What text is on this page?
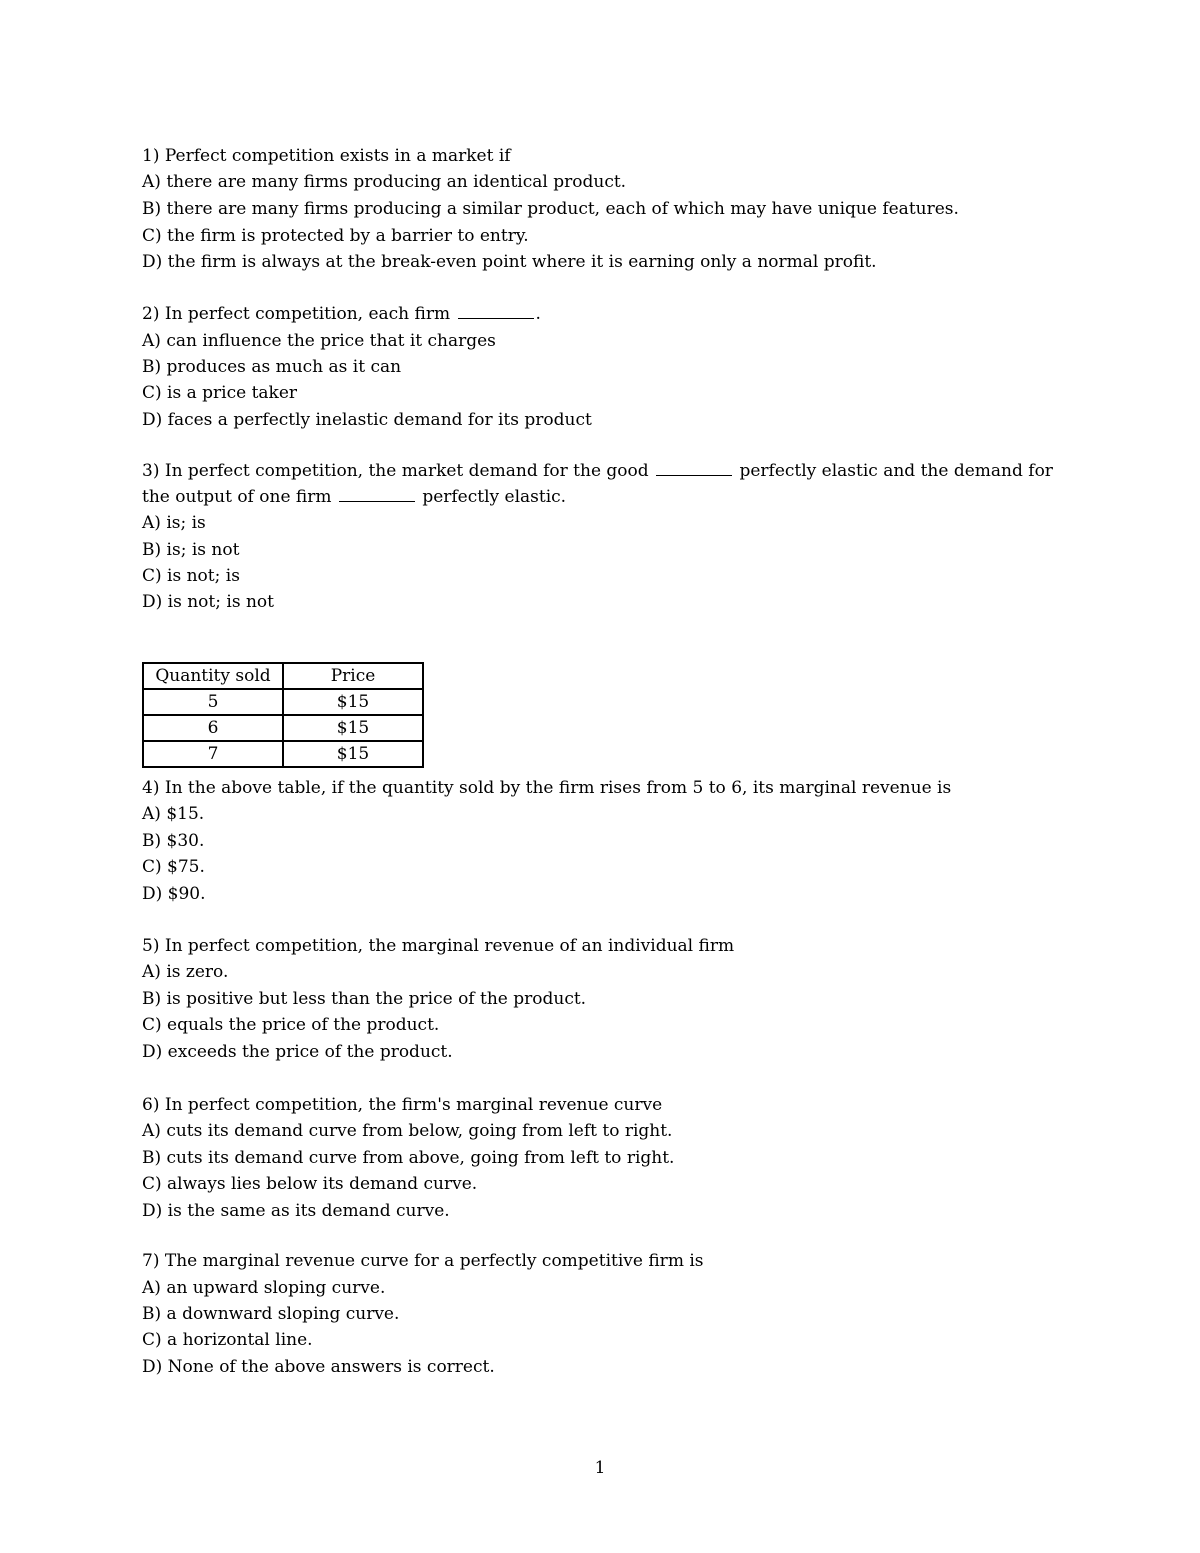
1) Perfect competition exists in a market if
A) there are many firms producing an identical product.
B) there are many firms producing a similar product, each of which may have unique features.
C) the firm is protected by a barrier to entry.
D) the firm is always at the break-even point where it is earning only a normal profit.
2) In perfect competition, each firm	.
A) can influence the price that it charges
B) produces as much as it can
C) is a price taker
D) faces a perfectly inelastic demand for its product
3) In perfect competition, the market demand for the good	perfectly elastic and the demand for
the output of one firm	perfectly elastic.
A) is; is
B) is; is not
C) is not; is
D) is not; is not
Quantity sold	Price
5	$15
6	$15
7	$15
4) In the above table, if the quantity sold by the firm rises from 5 to 6, its marginal revenue is
A) $15.
B) $30.
C) $75.
D) $90.
5) In perfect competition, the marginal revenue of an individual firm
A) is zero.
B) is positive but less than the price of the product.
C) equals the price of the product.
D) exceeds the price of the product.
6) In perfect competition, the firm's marginal revenue curve
A) cuts its demand curve from below, going from left to right.
B) cuts its demand curve from above, going from left to right.
C) always lies below its demand curve.
D) is the same as its demand curve.
7) The marginal revenue curve for a perfectly competitive firm is
A) an upward sloping curve.
B) a downward sloping curve.
C) a horizontal line.
D) None of the above answers is correct.
1
